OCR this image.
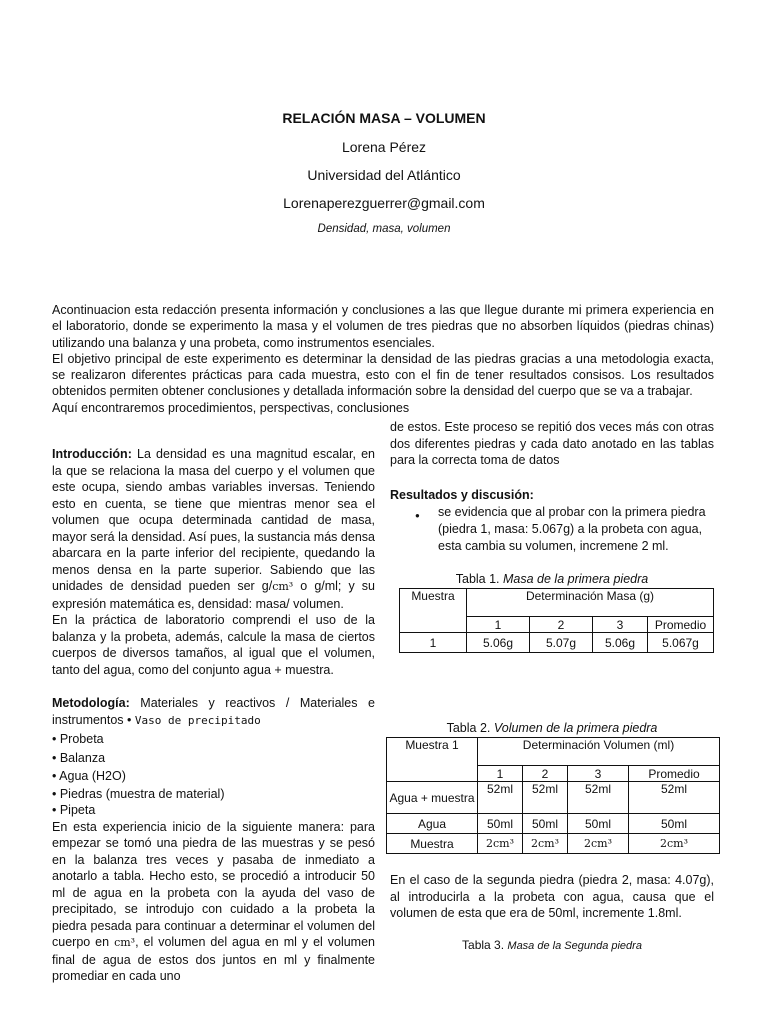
RELACIÓN MASA – VOLUMEN
Lorena Pérez
Universidad del Atlántico
Lorenaperezguerrer@gmail.com
Densidad, masa, volumen

Acontinuacion esta redacción presenta información y conclusiones a las que llegue durante mi primera experiencia en el laboratorio, donde se experimento la masa y el volumen de tres piedras que no absorben líquidos (piedras chinas) utilizando una balanza y una probeta, como instrumentos esenciales.

El objetivo principal de este experimento es determinar la densidad de las piedras gracias a una metodologia exacta, se realizaron diferentes prácticas para cada muestra, esto con el fin de tener resultados consisos. Los resultados obtenidos permiten obtener conclusiones y detallada información sobre la densidad del cuerpo que se va a trabajar.

Aquí encontraremos procedimientos, perspectivas, conclusiones

Introducción: La densidad es una magnitud escalar, en la que se relaciona la masa del cuerpo y el volumen que este ocupa, siendo ambas variables inversas. Teniendo esto en cuenta, se tiene que mientras menor sea el volumen que ocupa determinada cantidad de masa, mayor será la densidad. Así pues, la sustancia más densa abarcara en la parte inferior del recipiente, quedando la menos densa en la parte superior. Sabiendo que las unidades de densidad pueden ser g/cm³ o g/ml; y su expresión matemática es, densidad: masa/ volumen.

En la práctica de laboratorio comprendi el uso de la balanza y la probeta, además, calcule la masa de ciertos cuerpos de diversos tamaños, al igual que el volumen, tanto del agua, como del conjunto agua + muestra.

Metodología: Materiales y reactivos / Materiales e instrumentos • Vaso de precipitado

• Probeta
• Balanza
• Agua (H2O)
• Piedras (muestra de material)
• Pipeta

En esta experiencia inicio de la siguiente manera: para empezar se tomó una piedra de las muestras y se pesó en la balanza tres veces y pasaba de inmediato a anotarlo a tabla. Hecho esto, se procedió a introducir 50 ml de agua en la probeta con la ayuda del vaso de precipitado, se introdujo con cuidado a la probeta la piedra pesada para continuar a determinar el volumen del cuerpo en cm³, el volumen del agua en ml y el volumen final de agua de estos dos juntos en ml y finalmente promediar en cada uno

de estos. Este proceso se repitió dos veces más con otras dos diferentes piedras y cada dato anotado en las tablas para la correcta toma de datos
Resultados y discusión:
● se evidencia que al probar con la primera piedra (piedra 1, masa: 5.067g) a la probeta con agua, esta cambia su volumen, incremene 2 ml.
Tabla 1. Masa de la primera piedra
Muestra	Determinación Masa (g)			
	1	2	3	Promedio
1	5.06g	5.07g	5.06g	5.067g
Tabla 2. Volumen de la primera piedra
Muestra 1	Determinación Volumen (ml)			
	1	2	3	Promedio
Agua + muestra	52ml	52ml	52ml	52ml
Agua	50ml	50ml	50ml	50ml
Muestra	2cm³	2cm³	2cm³	2cm³
En el caso de la segunda piedra (piedra 2, masa: 4.07g), al introducirla a la probeta con agua, causa que el volumen de esta que era de 50ml, incremente 1.8ml.
Tabla 3. Masa de la Segunda piedra
